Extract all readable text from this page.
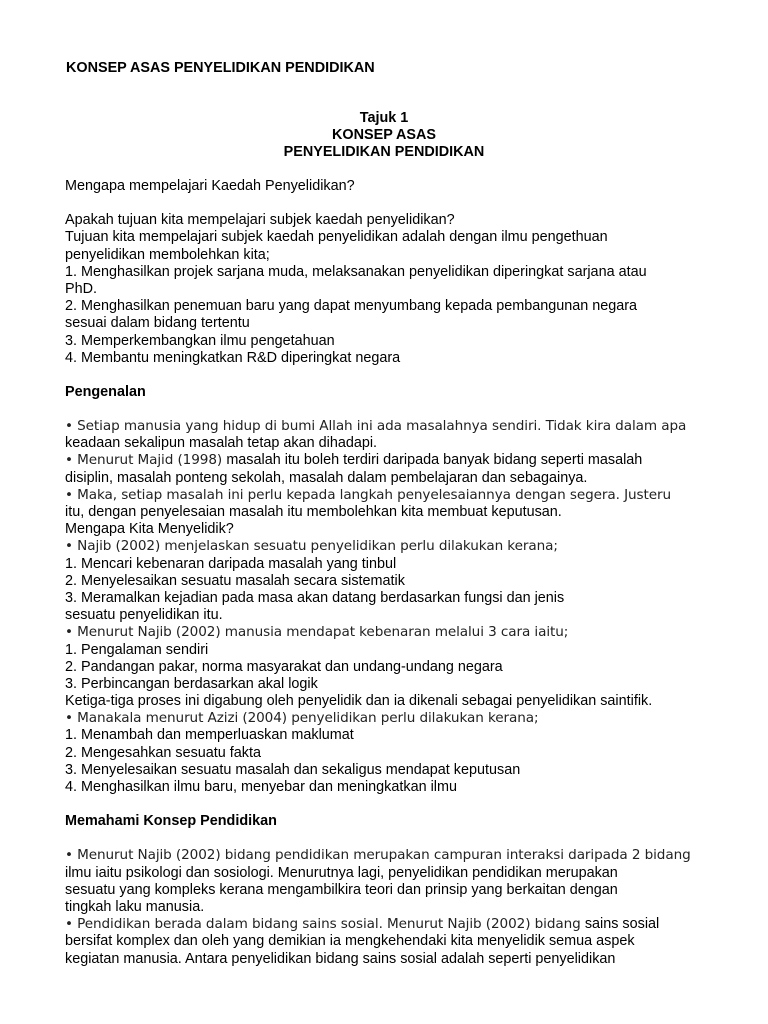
KONSEP ASAS PENYELIDIKAN PENDIDIKAN
Tajuk 1
KONSEP ASAS
PENYELIDIKAN PENDIDIKAN
Mengapa mempelajari Kaedah Penyelidikan?
Apakah tujuan kita mempelajari subjek kaedah penyelidikan?
Tujuan kita mempelajari subjek kaedah penyelidikan adalah dengan ilmu pengethuan
penyelidikan membolehkan kita;
1. Menghasilkan projek sarjana muda, melaksanakan penyelidikan diperingkat sarjana atau
PhD.
2. Menghasilkan penemuan baru yang dapat menyumbang kepada pembangunan negara
sesuai dalam bidang tertentu
3. Memperkembangkan ilmu pengetahuan
4. Membantu meningkatkan R&D diperingkat negara
Pengenalan
• Setiap manusia yang hidup di bumi Allah ini ada masalahnya sendiri. Tidak kira dalam apa
keadaan sekalipun masalah tetap akan dihadapi.
• Menurut Majid (1998) masalah itu boleh terdiri daripada banyak bidang seperti masalah
disiplin, masalah ponteng sekolah, masalah dalam pembelajaran dan sebagainya.
• Maka, setiap masalah ini perlu kepada langkah penyelesaiannya dengan segera. Justeru
itu, dengan penyelesaian masalah itu membolehkan kita membuat keputusan.
Mengapa Kita Menyelidik?
• Najib (2002) menjelaskan sesuatu penyelidikan perlu dilakukan kerana;
1. Mencari kebenaran daripada masalah yang tinbul
2. Menyelesaikan sesuatu masalah secara sistematik
3. Meramalkan kejadian pada masa akan datang berdasarkan fungsi dan jenis
sesuatu penyelidikan itu.
• Menurut Najib (2002) manusia mendapat kebenaran melalui 3 cara iaitu;
1. Pengalaman sendiri
2. Pandangan pakar, norma masyarakat dan undang-undang negara
3. Perbincangan berdasarkan akal logik
Ketiga-tiga proses ini digabung oleh penyelidik dan ia dikenali sebagai penyelidikan saintifik.
• Manakala menurut Azizi (2004) penyelidikan perlu dilakukan kerana;
1. Menambah dan memperluaskan maklumat
2. Mengesahkan sesuatu fakta
3. Menyelesaikan sesuatu masalah dan sekaligus mendapat keputusan
4. Menghasilkan ilmu baru, menyebar dan meningkatkan ilmu
Memahami Konsep Pendidikan
• Menurut Najib (2002) bidang pendidikan merupakan campuran interaksi daripada 2 bidang
ilmu iaitu psikologi dan sosiologi. Menurutnya lagi, penyelidikan pendidikan merupakan
sesuatu yang kompleks kerana mengambilkira teori dan prinsip yang berkaitan dengan
tingkah laku manusia.
• Pendidikan berada dalam bidang sains sosial. Menurut Najib (2002) bidang sains sosial
bersifat komplex dan oleh yang demikian ia mengkehendaki kita menyelidik semua aspek
kegiatan manusia. Antara penyelidikan bidang sains sosial adalah seperti penyelidikan
